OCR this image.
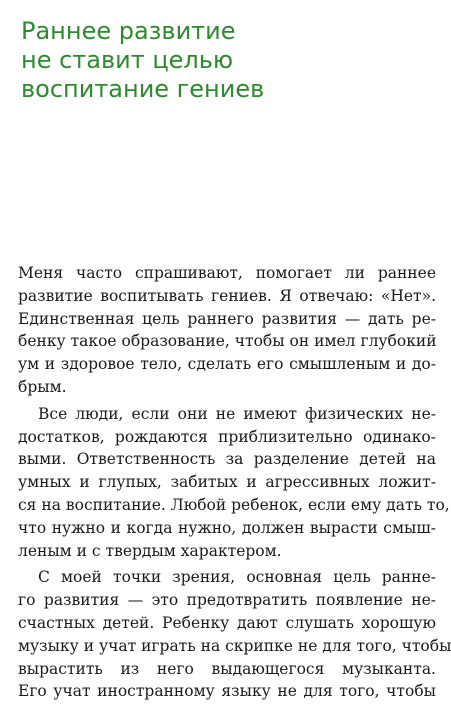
Раннее развитие
не ставит целью
воспитание гениев
Меня часто спрашивают, помогает ли раннее
развитие воспитывать гениев. Я отвечаю: «Нет».
Единственная цель раннего развития — дать ре-
бенку такое образование, чтобы он имел глубокий
ум и здоровое тело, сделать его смышленым и до-
брым.
Все люди, если они не имеют физических не-
достатков, рождаются приблизительно одинако-
выми. Ответственность за разделение детей на
умных и глупых, забитых и агрессивных ложит-
ся на воспитание. Любой ребенок, если ему дать то,
что нужно и когда нужно, должен вырасти смыш-
леным и с твердым характером.
С моей точки зрения, основная цель ранне-
го развития — это предотвратить появление не-
счастных детей. Ребенку дают слушать хорошую
музыку и учат играть на скрипке не для того, чтобы
вырастить из него выдающегося музыканта.
Его учат иностранному языку не для того, чтобы
